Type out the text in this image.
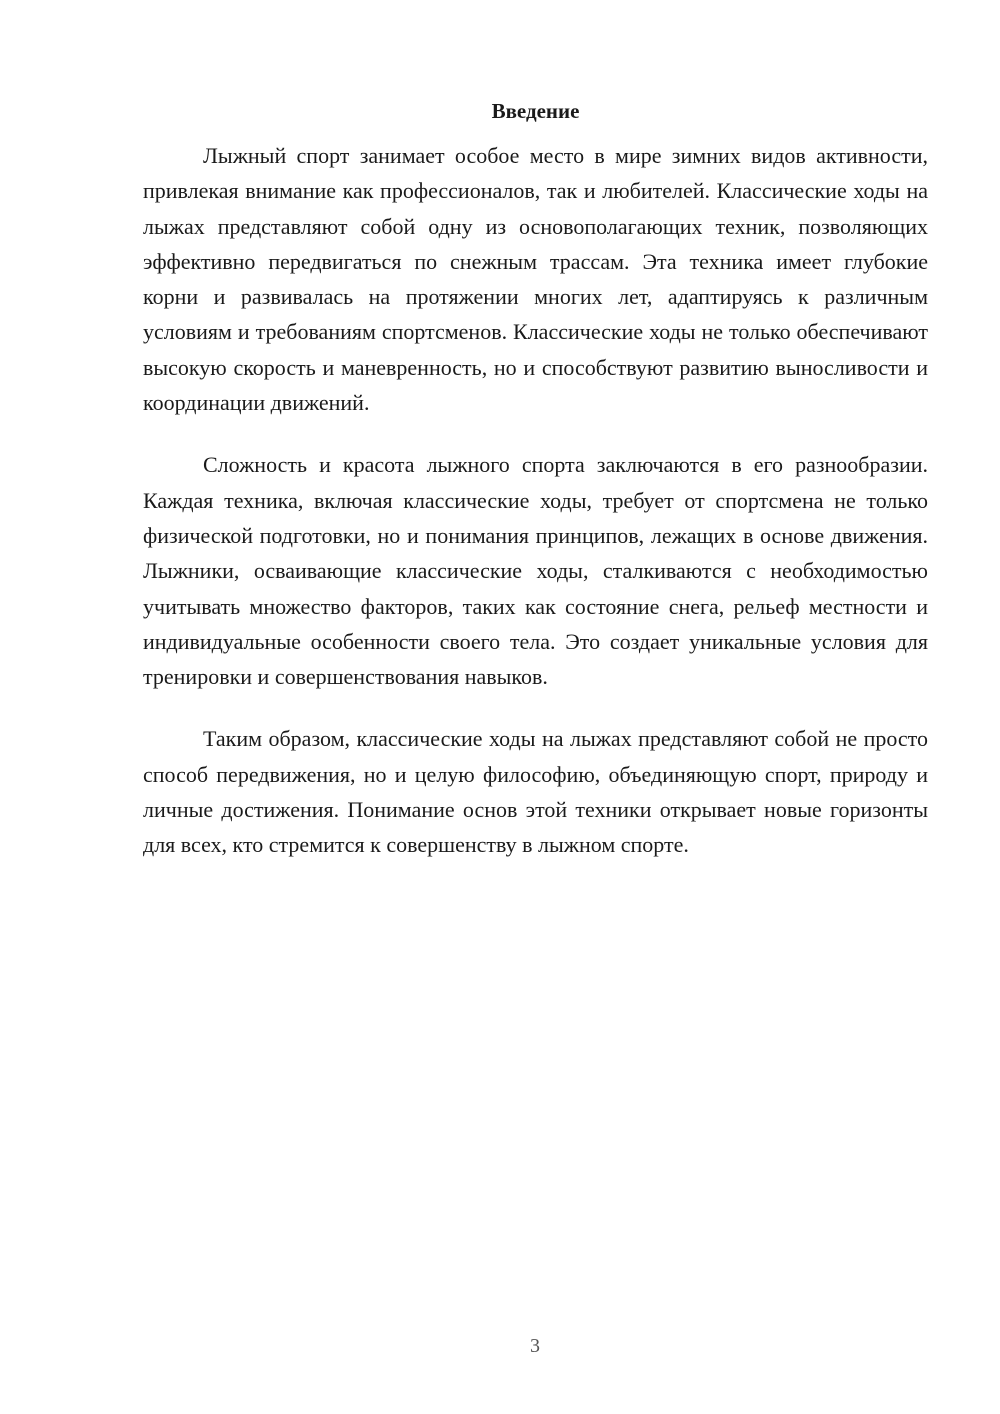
Введение

Лыжный спорт занимает особое место в мире зимних видов активности, привлекая внимание как профессионалов, так и любителей. Классические ходы на лыжах представляют собой одну из основополагающих техник, позволяющих эффективно передвигаться по снежным трассам. Эта техника имеет глубокие корни и развивалась на протяжении многих лет, адаптируясь к различным условиям и требованиям спортсменов. Классические ходы не только обеспечивают высокую скорость и маневренность, но и способствуют развитию выносливости и координации движений.

Сложность и красота лыжного спорта заключаются в его разнообразии. Каждая техника, включая классические ходы, требует от спортсмена не только физической подготовки, но и понимания принципов, лежащих в основе движения. Лыжники, осваивающие классические ходы, сталкиваются с необходимостью учитывать множество факторов, таких как состояние снега, рельеф местности и индивидуальные особенности своего тела. Это создает уникальные условия для тренировки и совершенствования навыков.

Таким образом, классические ходы на лыжах представляют собой не просто способ передвижения, но и целую философию, объединяющую спорт, природу и личные достижения. Понимание основ этой техники открывает новые горизонты для всех, кто стремится к совершенству в лыжном спорте.

3
